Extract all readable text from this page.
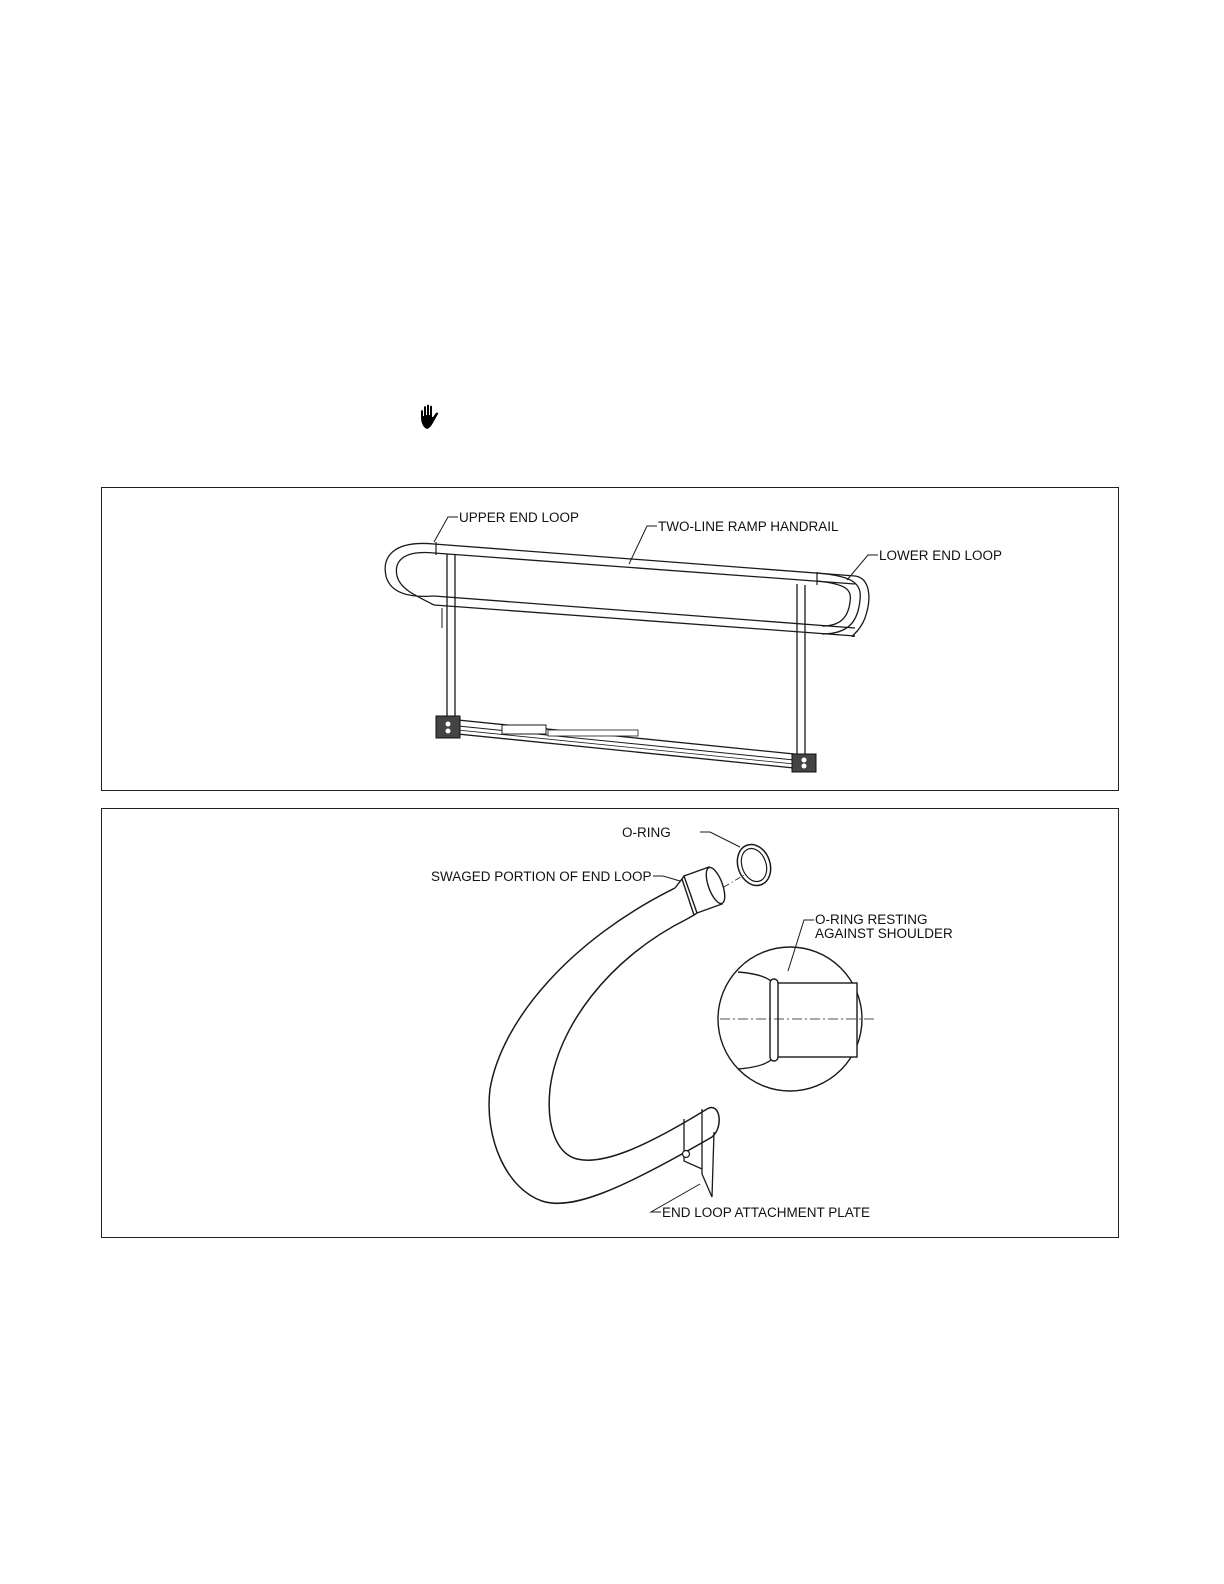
UPPER END LOOP
TWO-LINE RAMP HANDRAIL
LOWER END LOOP
O-RING
SWAGED PORTION OF END LOOP
O-RING RESTING
AGAINST SHOULDER
END LOOP ATTACHMENT PLATE
